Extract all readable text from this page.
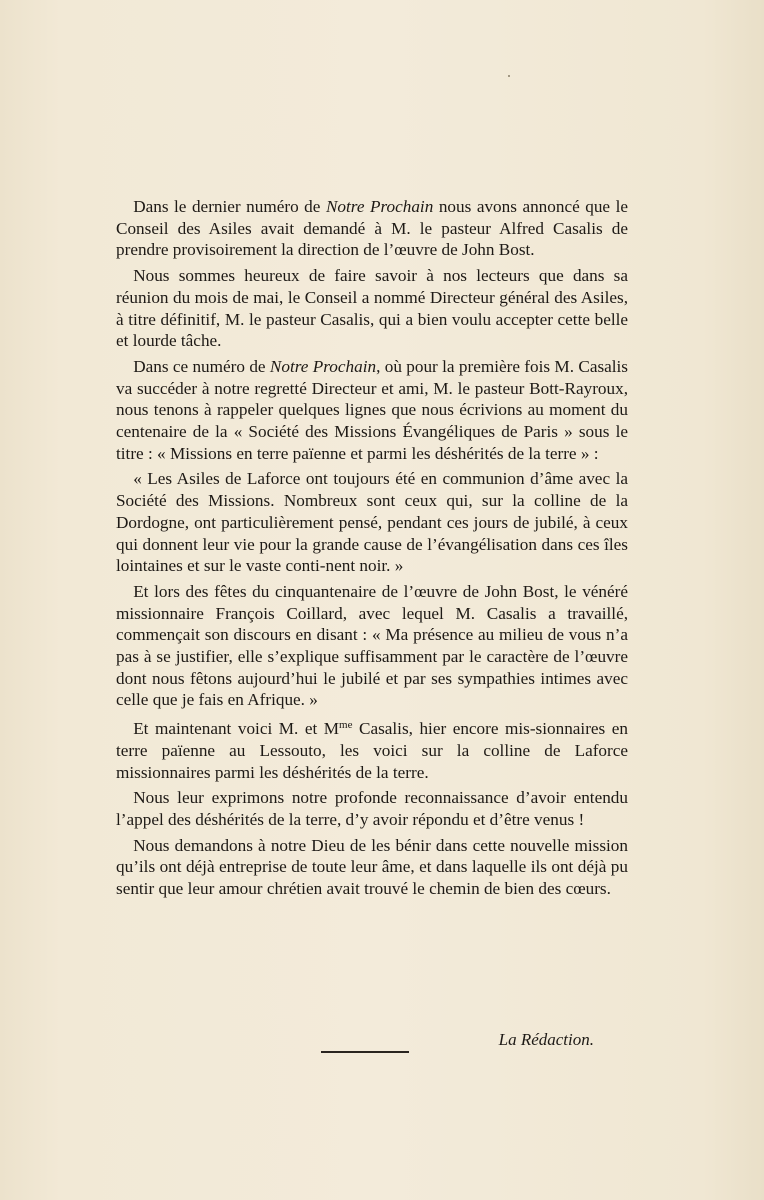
 Dans le dernier numéro de Notre Prochain nous avons annoncé que le Conseil des Asiles avait demandé à M. le pasteur Alfred Casalis de prendre provisoirement la direction de l’œuvre de John Bost.

 Nous sommes heureux de faire savoir à nos lecteurs que dans sa réunion du mois de mai, le Conseil a nommé Directeur général des Asiles, à titre définitif, M. le pasteur Casalis, qui a bien voulu accepter cette belle et lourde tâche.

 Dans ce numéro de Notre Prochain, où pour la première fois M. Casalis va succéder à notre regretté Directeur et ami, M. le pasteur Bott-Rayroux, nous tenons à rappeler quelques lignes que nous écrivions au moment du centenaire de la « Société des Missions Évangéliques de Paris » sous le titre : « Missions en terre païenne et parmi les déshérités de la terre » :

 « Les Asiles de Laforce ont toujours été en communion d’âme avec la Société des Missions. Nombreux sont ceux qui, sur la colline de la Dordogne, ont particulièrement pensé, pendant ces jours de jubilé, à ceux qui donnent leur vie pour la grande cause de l’évangélisation dans ces îles lointaines et sur le vaste conti-nent noir. »

 Et lors des fêtes du cinquantenaire de l’œuvre de John Bost, le vénéré missionnaire François Coillard, avec lequel M. Casalis a travaillé, commençait son discours en disant : « Ma présence au milieu de vous n’a pas à se justifier, elle s’explique suffisamment par le caractère de l’œuvre dont nous fêtons aujourd’hui le jubilé et par ses sympathies intimes avec celle que je fais en Afrique. »

 Et maintenant voici M. et $M^{me}$ Casalis, hier encore mis-sionnaires en terre païenne au Lessouto, les voici sur la colline de Laforce missionnaires parmi les déshérités de la terre.

 Nous leur exprimons notre profonde reconnaissance d’avoir entendu l’appel des déshérités de la terre, d’y avoir répondu et d’être venus !

 Nous demandons à notre Dieu de les bénir dans cette nouvelle mission qu’ils ont déjà entreprise de toute leur âme, et dans laquelle ils ont déjà pu sentir que leur amour chrétien avait trouvé le chemin de bien des cœurs.

La Rédaction.
